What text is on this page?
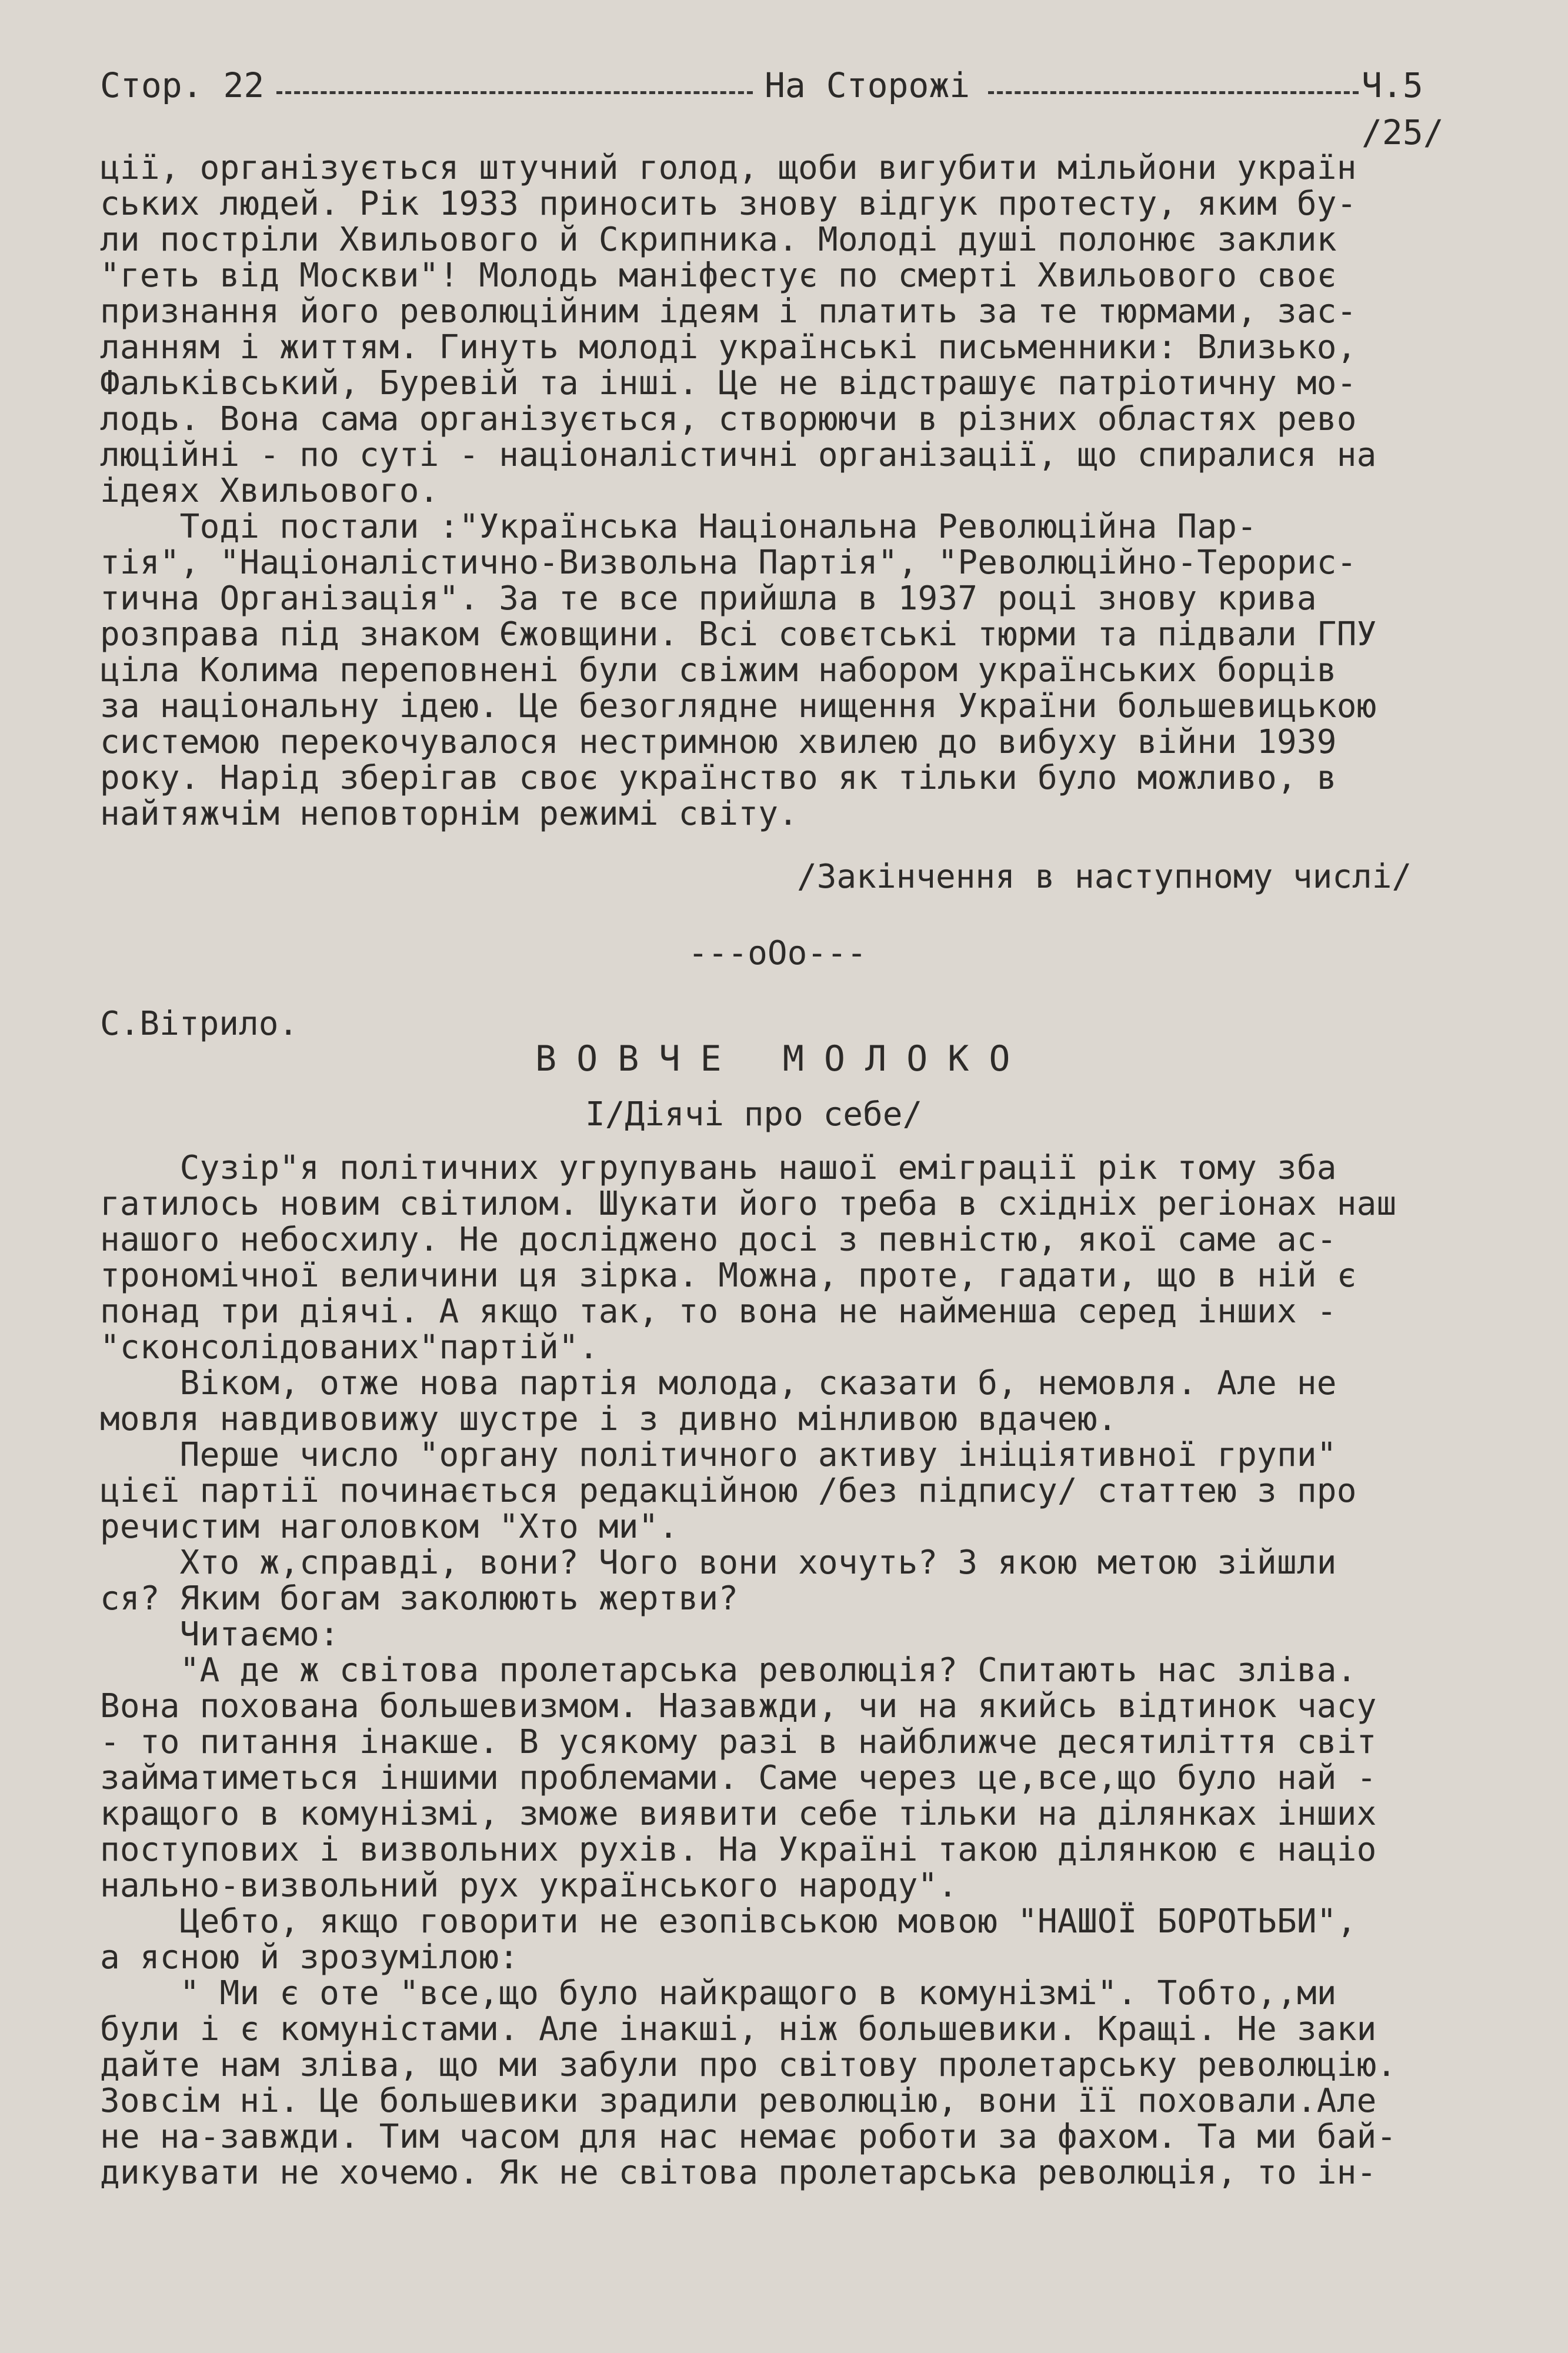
Стор. 22	На Сторожі	Ч.5 /25/
ції, організується штучний голод, щоби вигубити мільйони україн
ських людей. Рік 1933 приносить знову відгук протесту, яким бу-
ли постріли Хвильового й Скрипника. Молоді душі полонює заклик
"геть від Москви"! Молодь маніфестує по смерті Хвильового своє
признання його революційним ідеям і платить за те тюрмами, зас-
ланням і життям. Гинуть молоді українські письменники: Влизько,
Фальківський, Буревій та інші. Це не відстрашує патріотичну мо-
лодь. Вона сама організується, створюючи в різних областях рево
люційні - по суті - націоналістичні організації, що спиралися на
ідеях Хвильового.
Тоді постали :"Українська Національна Революційна Пар-
тія", "Націоналістично-Визвольна Партія", "Революційно-Терорис-
тична Організація". За те все прийшла в 1937 році знову крива
розправа під знаком Єжовщини. Всі совєтські тюрми та підвали ГПУ
ціла Колима переповнені були свіжим набором українських борців
за національну ідею. Це безоглядне нищення України большевицькою
системою перекочувалося нестримною хвилею до вибуху війни 1939
року. Нарід зберігав своє українство як тільки було можливо, в
найтяжчім неповторнім режимі світу.
/Закінчення в наступному числі/
---oOo---
С.Вітрило.
ВОВЧЕ МОЛОКО
I/Діячі про себе/
Сузір"я політичних угрупувань нашої еміграції рік тому зба
гатилось новим світилом. Шукати його треба в східніх регіонах наш
нашого небосхилу. Не досліджено досі з певністю, якої саме ас-
трономічної величини ця зірка. Можна, проте, гадати, що в ній є
понад три діячі. А якщо так, то вона не найменша серед інших -
"сконсолідованих"партій".
Віком, отже нова партія молода, сказати б, немовля. Але не
мовля навдивовижу шустре і з дивно мінливою вдачею.
Перше число "органу політичного активу ініціятивної групи"
цієї партії починається редакційною /без підпису/ статтею з про
речистим наголовком "Хто ми".
Хто ж,справді, вони? Чого вони хочуть? З якою метою зійшли
ся? Яким богам заколюють жертви?
Читаємо:
"А де ж світова пролетарська революція? Спитають нас зліва.
Вона похована большевизмом. Назавжди, чи на якийсь відтинок часу
- то питання інакше. В усякому разі в найближче десятиліття світ
займатиметься іншими проблемами. Саме через це,все,що було най -
кращого в комунізмі, зможе виявити себе тільки на ділянках інших
поступових і визвольних рухів. На Україні такою ділянкою є націо
нально-визвольний рух українського народу".
Цебто, якщо говорити не езопівською мовою "НАШОЇ БОРОТЬБИ",
а ясною й зрозумілою:
" Ми є оте "все,що було найкращого в комунізмі". Тобто,,ми
були і є комуністами. Але інакші, ніж большевики. Кращі. Не заки
дайте нам зліва, що ми забули про світову пролетарську революцію.
Зовсім ні. Це большевики зрадили революцію, вони її поховали.Але
не на-завжди. Тим часом для нас немає роботи за фахом. Та ми бай-
дикувати не хочемо. Як не світова пролетарська революція, то ін-
